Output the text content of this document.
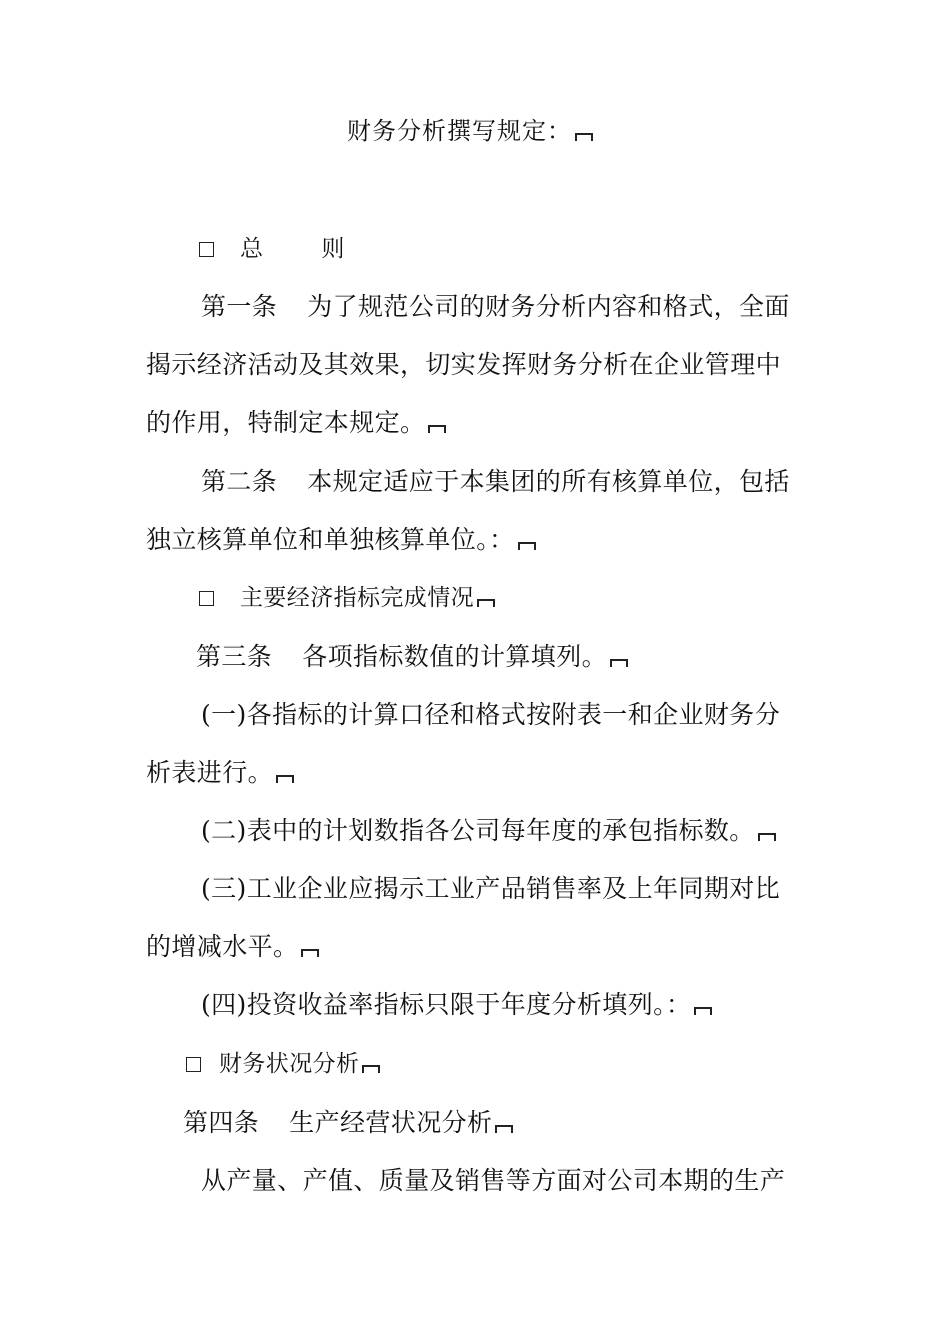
财务分析撰写规定：
总	则
第一条 为了规范公司的财务分析内容和格式，全面
揭示经济活动及其效果，切实发挥财务分析在企业管理中
的作用，特制定本规定。
第二条 本规定适应于本集团的所有核算单位，包括
独立核算单位和单独核算单位。：
主要经济指标完成情况
第三条 各项指标数值的计算填列。
(一)各指标的计算口径和格式按附表一和企业财务分
析表进行。
(二)表中的计划数指各公司每年度的承包指标数。
(三)工业企业应揭示工业产品销售率及上年同期对比
的增减水平。
(四)投资收益率指标只限于年度分析填列。：
财务状况分析
第四条 生产经营状况分析
从产量、产值、质量及销售等方面对公司本期的生产
